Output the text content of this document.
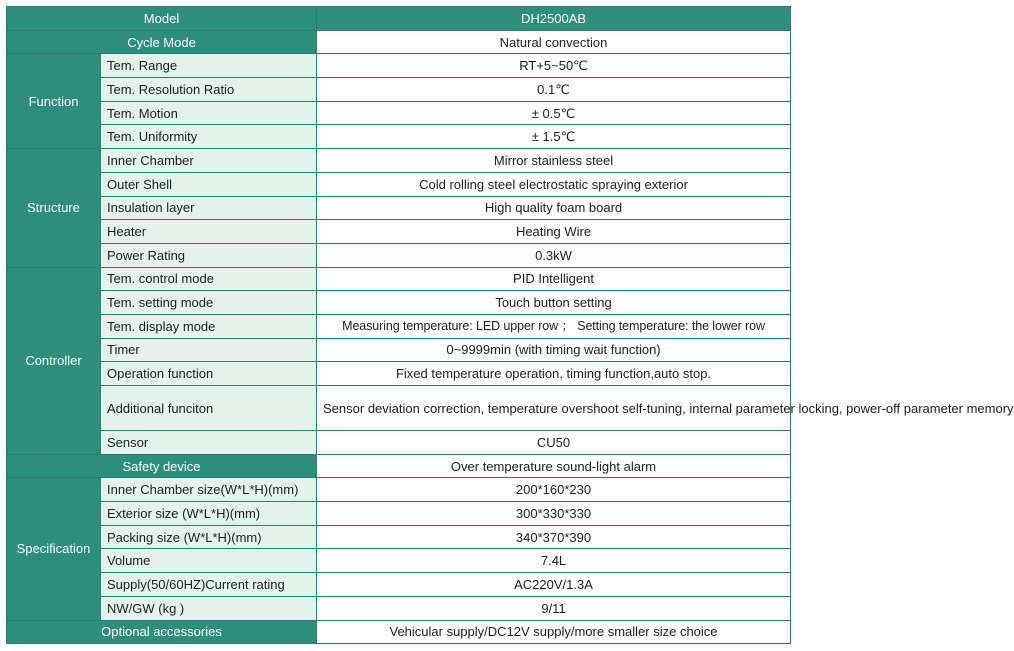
Model		DH2500AB
Cycle Mode		Natural convection
Function	Tem. Range	RT+5~50℃
	Tem. Resolution Ratio	0.1℃
	Tem. Motion	± 0.5℃
	Tem. Uniformity	± 1.5℃
Structure	Inner Chamber	Mirror stainless steel
	Outer Shell	Cold rolling steel electrostatic spraying exterior
	Insulation layer	High quality foam board
	Heater	Heating Wire
	Power Rating	0.3kW
Controller	Tem. control mode	PID Intelligent
	Tem. setting mode	Touch button setting
	Tem. display mode	Measuring temperature: LED upper row ； Setting temperature: the lower row
	Timer	0~9999min (with timing wait function)
	Operation function	Fixed temperature operation, timing function,auto stop.
	Additional funciton	Sensor deviation correction, temperature overshoot self-tuning, internal parameter locking, power-off parameter memory
	Sensor	CU50
Safety device		Over temperature sound-light alarm
Specification	Inner Chamber size(W*L*H)(mm)	200*160*230
	Exterior size (W*L*H)(mm)	300*330*330
	Packing size (W*L*H)(mm)	340*370*390
	Volume	7.4L
	Supply(50/60HZ)Current rating	AC220V/1.3A
	NW/GW (kg )	9/11
Optional accessories		Vehicular supply/DC12V supply/more smaller size choice
